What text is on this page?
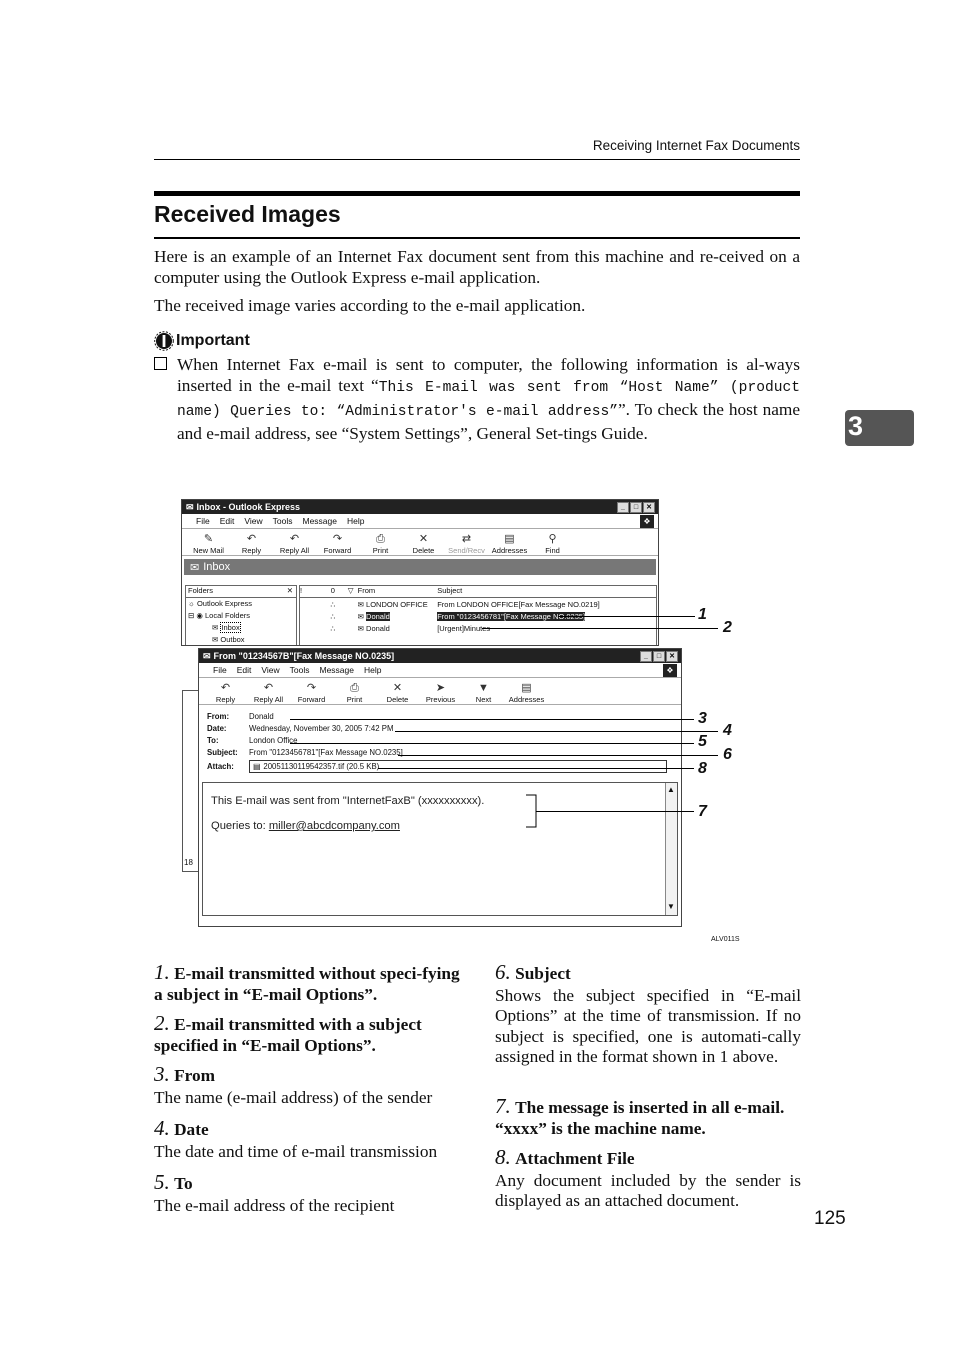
Receiving Internet Fax Documents
Received Images
Here is an example of an Internet Fax document sent from this machine and re-ceived on a computer using the Outlook Express e-mail application.
The received image varies according to the e-mail application.
Important
When Internet Fax e-mail is sent to computer, the following information is al-ways inserted in the e-mail text “This E-mail was sent from “Host Name” (product name) Queries to: “Administrator's e-mail address””. To check the host name and e-mail address, see “System Settings”, General Set-tings Guide.	3
✉ Inbox - Outlook Express	_	□	✕
File Edit View Tools Message Help	❖
✎
New Mail
↶
Reply
↶
Reply All
↷
Forward
⎙
Print
✕
Delete
⇄
Send/Recv
▤
Addresses
⚲
Find
✉ Inbox
Folders	✕
☼ Outlook Express
⊟ ◉ Local Folders
✉ Inbox
✉ Outbox
!	0	▽ From	Subject
∴	✉ LONDON OFFICE	From LONDON OFFICE[Fax Message NO.0219]
∴	✉ Donald	From "0123456781"[Fax Message NO.0235]
∴	✉ Donald	[Urgent]Minutes
18
✉ From "01234567B"[Fax Message NO.0235]	_	□	✕
File Edit View Tools Message Help	❖
↶
Reply
↶
Reply All
↷
Forward
⎙
Print
✕
Delete
➤
Previous
▼
Next
▤
Addresses
From:	Donald
Date:	Wednesday, November 30, 2005 7:42 PM
To:	London Office
Subject:	From "0123456781"[Fax Message NO.0235]
Attach:	▤ 20051130119542357.tif (20.5 KB)
This E-mail was sent from "InternetFaxB" (xxxxxxxxxx).
Queries to: miller@abcdcompany.com
▲
▼
1
2
3
4
5
6
7
8
ALV011S
1. E-mail transmitted without speci-fying a subject in “E-mail Options”.
2. E-mail transmitted with a subject specified in “E-mail Options”.
3. From
The name (e-mail address) of the sender
4. Date
The date and time of e-mail transmission
5. To
The e-mail address of the recipient
6. Subject
Shows the subject specified in “E-mail Options” at the time of transmission. If no subject is specified, one is automati-cally assigned in the format shown in 1 above.
7. The message is inserted in all e-mail. “xxxx” is the machine name.
8. Attachment File
Any document included by the sender is displayed as an attached document.
125
